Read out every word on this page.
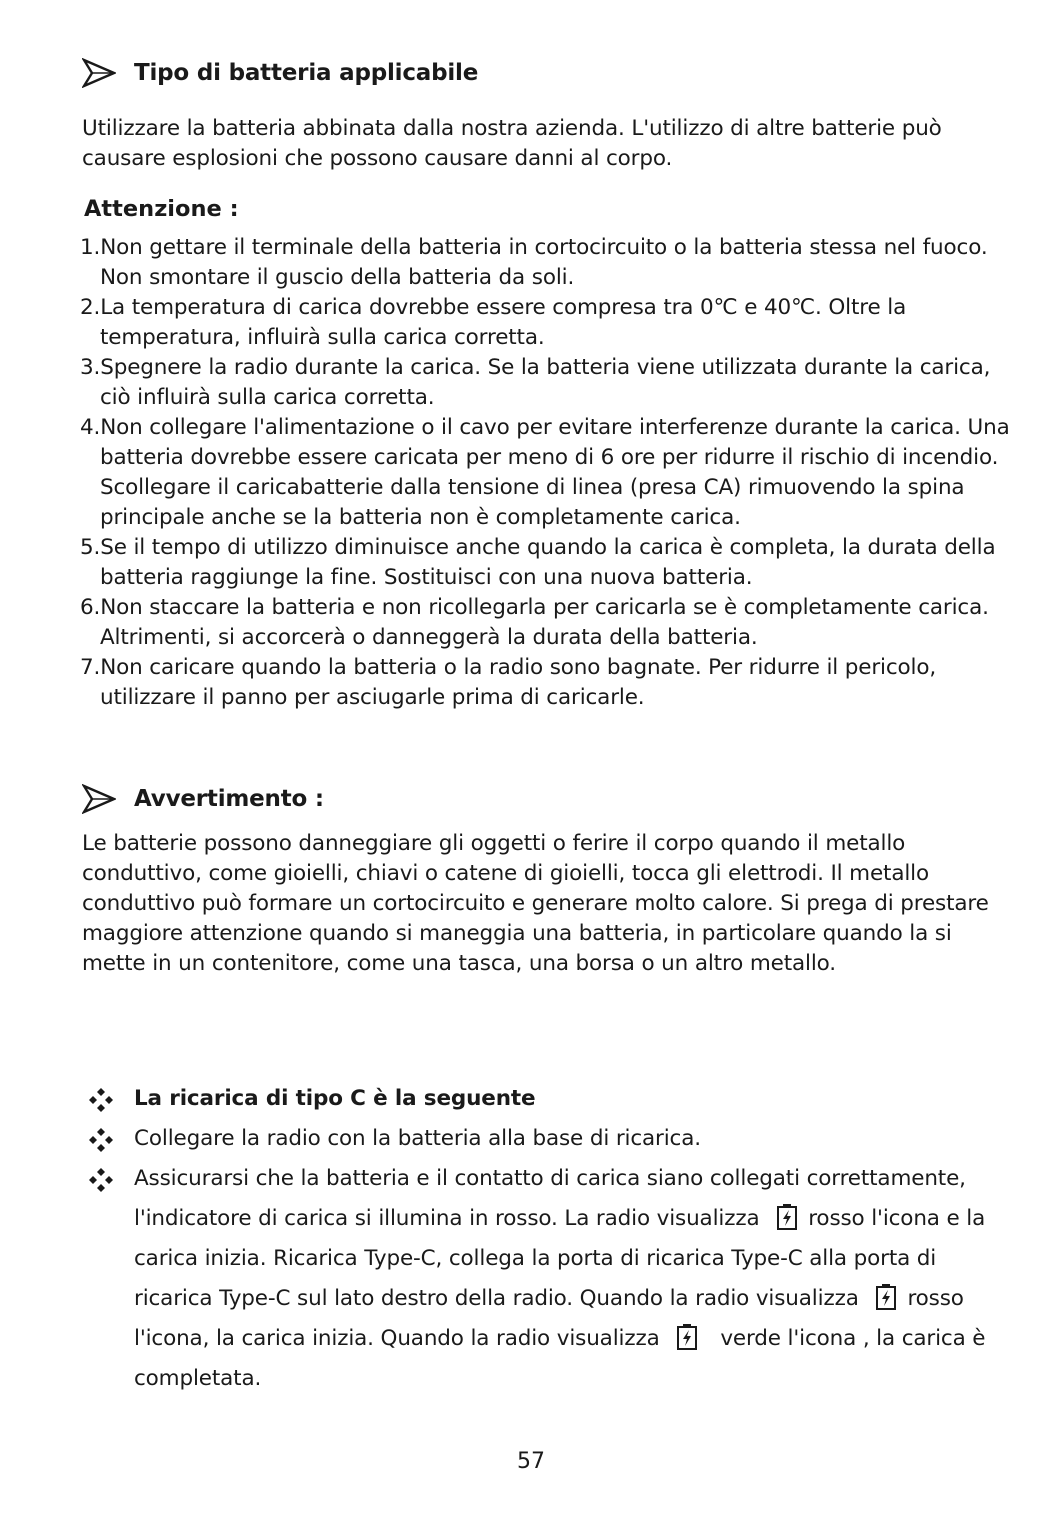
Tipo di batteria applicabile

Utilizzare la batteria abbinata dalla nostra azienda. L'utilizzo di altre batterie può causare esplosioni che possono causare danni al corpo.

Attenzione :
1.Non gettare il terminale della batteria in cortocircuito o la batteria stessa nel fuoco. Non smontare il guscio della batteria da soli.
2.La temperatura di carica dovrebbe essere compresa tra 0℃ e 40℃. Oltre la temperatura, influirà sulla carica corretta.
3.Spegnere la radio durante la carica. Se la batteria viene utilizzata durante la carica, ciò influirà sulla carica corretta.
4.Non collegare l'alimentazione o il cavo per evitare interferenze durante la carica. Una batteria dovrebbe essere caricata per meno di 6 ore per ridurre il rischio di incendio. Scollegare il caricabatterie dalla tensione di linea (presa CA) rimuovendo la spina principale anche se la batteria non è completamente carica.
5.Se il tempo di utilizzo diminuisce anche quando la carica è completa, la durata della batteria raggiunge la fine. Sostituisci con una nuova batteria.
6.Non staccare la batteria e non ricollegarla per caricarla se è completamente carica. Altrimenti, si accorcerà o danneggerà la durata della batteria.
7.Non caricare quando la batteria o la radio sono bagnate. Per ridurre il pericolo, utilizzare il panno per asciugarle prima di caricarle.
Avvertimento :

Le batterie possono danneggiare gli oggetti o ferire il corpo quando il metallo conduttivo, come gioielli, chiavi o catene di gioielli, tocca gli elettrodi. Il metallo conduttivo può formare un cortocircuito e generare molto calore. Si prega di prestare maggiore attenzione quando si maneggia una batteria, in particolare quando la si mette in un contenitore, come una tasca, una borsa o un altro metallo.

La ricarica di tipo C è la seguente
Collegare la radio con la batteria alla base di ricarica.
Assicurarsi che la batteria e il contatto di carica siano collegati correttamente, l'indicatore di carica si illumina in rosso. La radio visualizza rosso l'icona e la carica inizia. Ricarica Type-C, collega la porta di ricarica Type-C alla porta di ricarica Type-C sul lato destro della radio. Quando la radio visualizza rosso l'icona, la carica inizia. Quando la radio visualizza	verde l'icona , la carica è completata.
57
